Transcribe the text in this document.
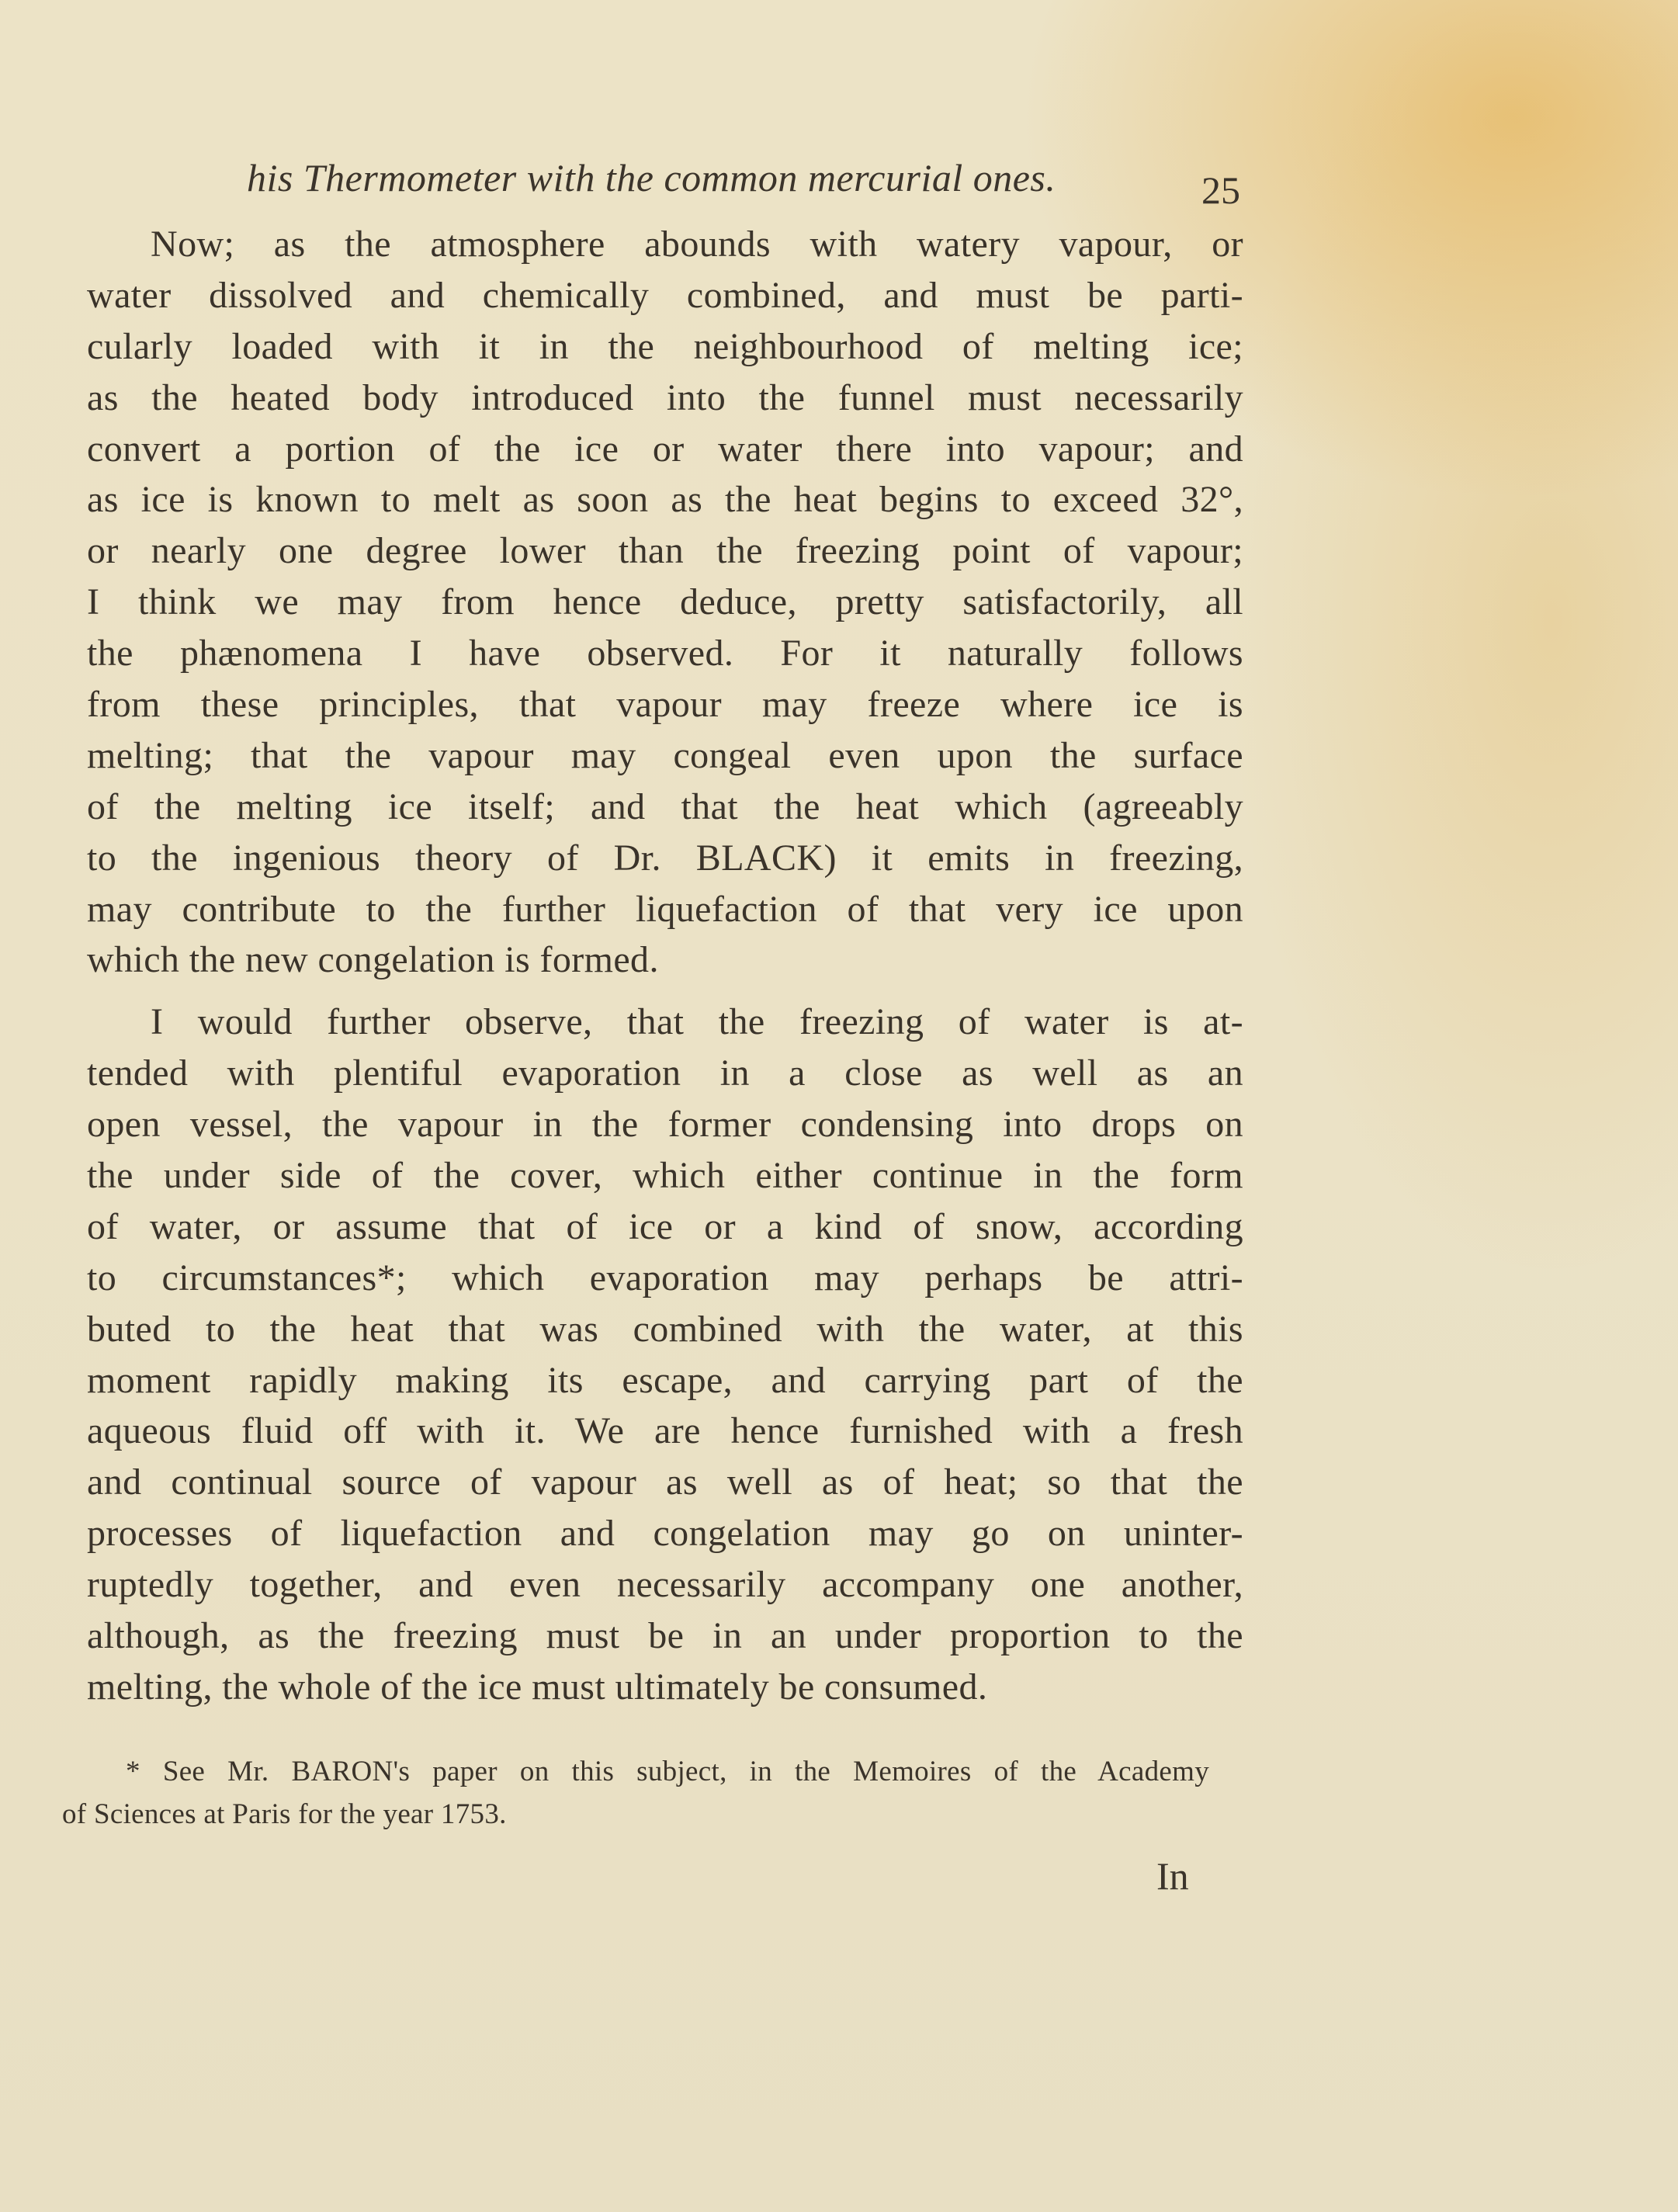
his Thermometer with the common mercurial ones.	25
Now; as the atmosphere abounds with watery vapour, or
water dissolved and chemically combined, and must be parti-
cularly loaded with it in the neighbourhood of melting ice;
as the heated body introduced into the funnel must necessarily
convert a portion of the ice or water there into vapour; and
as ice is known to melt as soon as the heat begins to exceed 32°,
or nearly one degree lower than the freezing point of vapour;
I think we may from hence deduce, pretty satisfactorily, all
the phænomena I have observed. For it naturally follows
from these principles, that vapour may freeze where ice is
melting; that the vapour may congeal even upon the surface
of the melting ice itself; and that the heat which (agreeably
to the ingenious theory of Dr. BLACK) it emits in freezing,
may contribute to the further liquefaction of that very ice upon
which the new congelation is formed.
I would further observe, that the freezing of water is at-
tended with plentiful evaporation in a close as well as an
open vessel, the vapour in the former condensing into drops on
the under side of the cover, which either continue in the form
of water, or assume that of ice or a kind of snow, according
to circumstances*; which evaporation may perhaps be attri-
buted to the heat that was combined with the water, at this
moment rapidly making its escape, and carrying part of the
aqueous fluid off with it. We are hence furnished with a fresh
and continual source of vapour as well as of heat; so that the
processes of liquefaction and congelation may go on uninter-
ruptedly together, and even necessarily accompany one another,
although, as the freezing must be in an under proportion to the
melting, the whole of the ice must ultimately be consumed.
* See Mr. BARON's paper on this subject, in the Memoires of the Academy
of Sciences at Paris for the year 1753.
In
